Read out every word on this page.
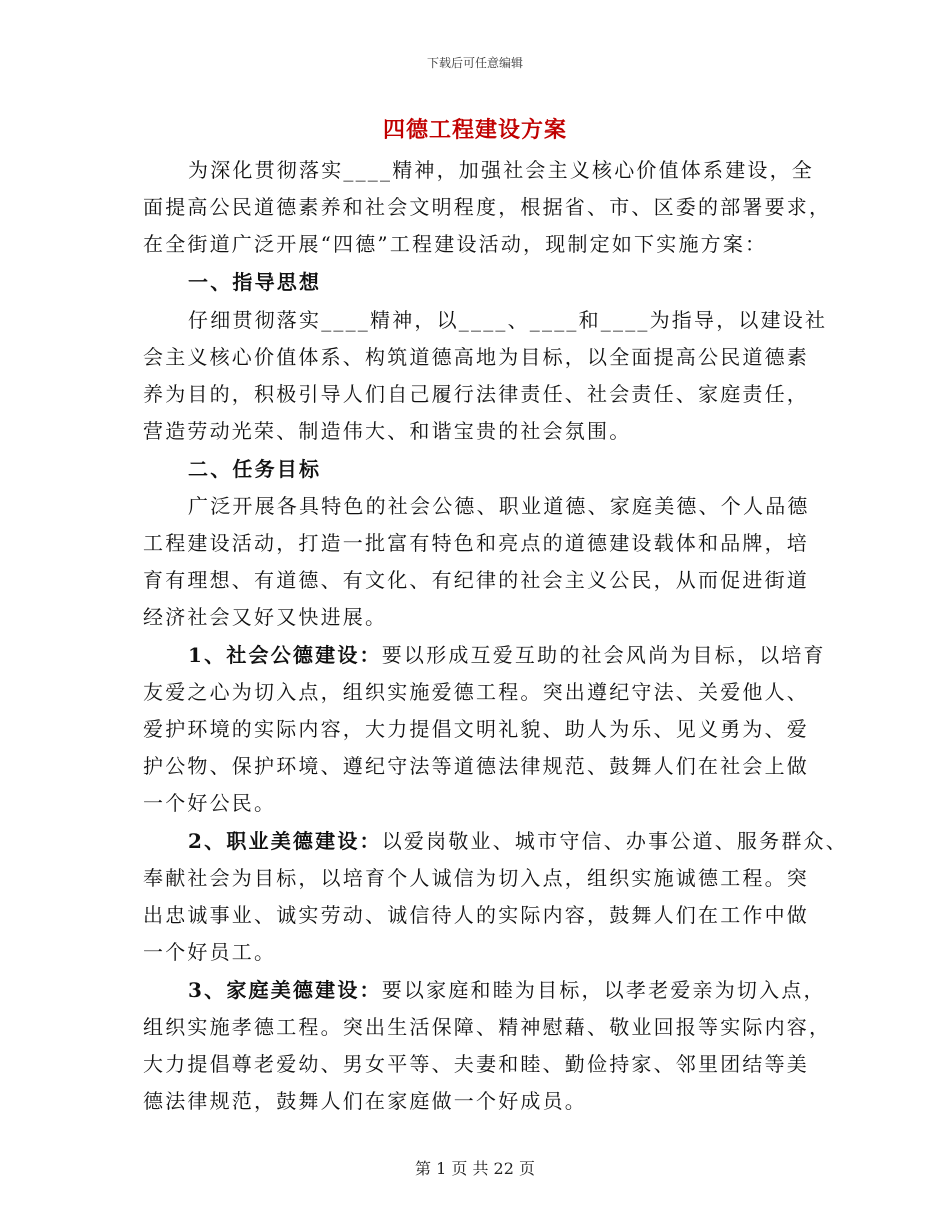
下载后可任意编辑
四德工程建设方案
为深化贯彻落实____精神，加强社会主义核心价值体系建设，全
面提高公民道德素养和社会文明程度，根据省、市、区委的部署要求，
在全街道广泛开展“四德”工程建设活动，现制定如下实施方案：
一、指导思想
仔细贯彻落实____精神，以____、____和____为指导，以建设社
会主义核心价值体系、构筑道德高地为目标，以全面提高公民道德素
养为目的，积极引导人们自己履行法律责任、社会责任、家庭责任，
营造劳动光荣、制造伟大、和谐宝贵的社会氛围。
二、任务目标
广泛开展各具特色的社会公德、职业道德、家庭美德、个人品德
工程建设活动，打造一批富有特色和亮点的道德建设载体和品牌，培
育有理想、有道德、有文化、有纪律的社会主义公民，从而促进街道
经济社会又好又快进展。
1、社会公德建设：要以形成互爱互助的社会风尚为目标，以培育
友爱之心为切入点，组织实施爱德工程。突出遵纪守法、关爱他人、
爱护环境的实际内容，大力提倡文明礼貌、助人为乐、见义勇为、爱
护公物、保护环境、遵纪守法等道德法律规范、鼓舞人们在社会上做
一个好公民。
2、职业美德建设：以爱岗敬业、城市守信、办事公道、服务群众、
奉献社会为目标，以培育个人诚信为切入点，组织实施诚德工程。突
出忠诚事业、诚实劳动、诚信待人的实际内容，鼓舞人们在工作中做
一个好员工。
3、家庭美德建设：要以家庭和睦为目标，以孝老爱亲为切入点，
组织实施孝德工程。突出生活保障、精神慰藉、敬业回报等实际内容，
大力提倡尊老爱幼、男女平等、夫妻和睦、勤俭持家、邻里团结等美
德法律规范，鼓舞人们在家庭做一个好成员。
第 1 页 共 22 页
